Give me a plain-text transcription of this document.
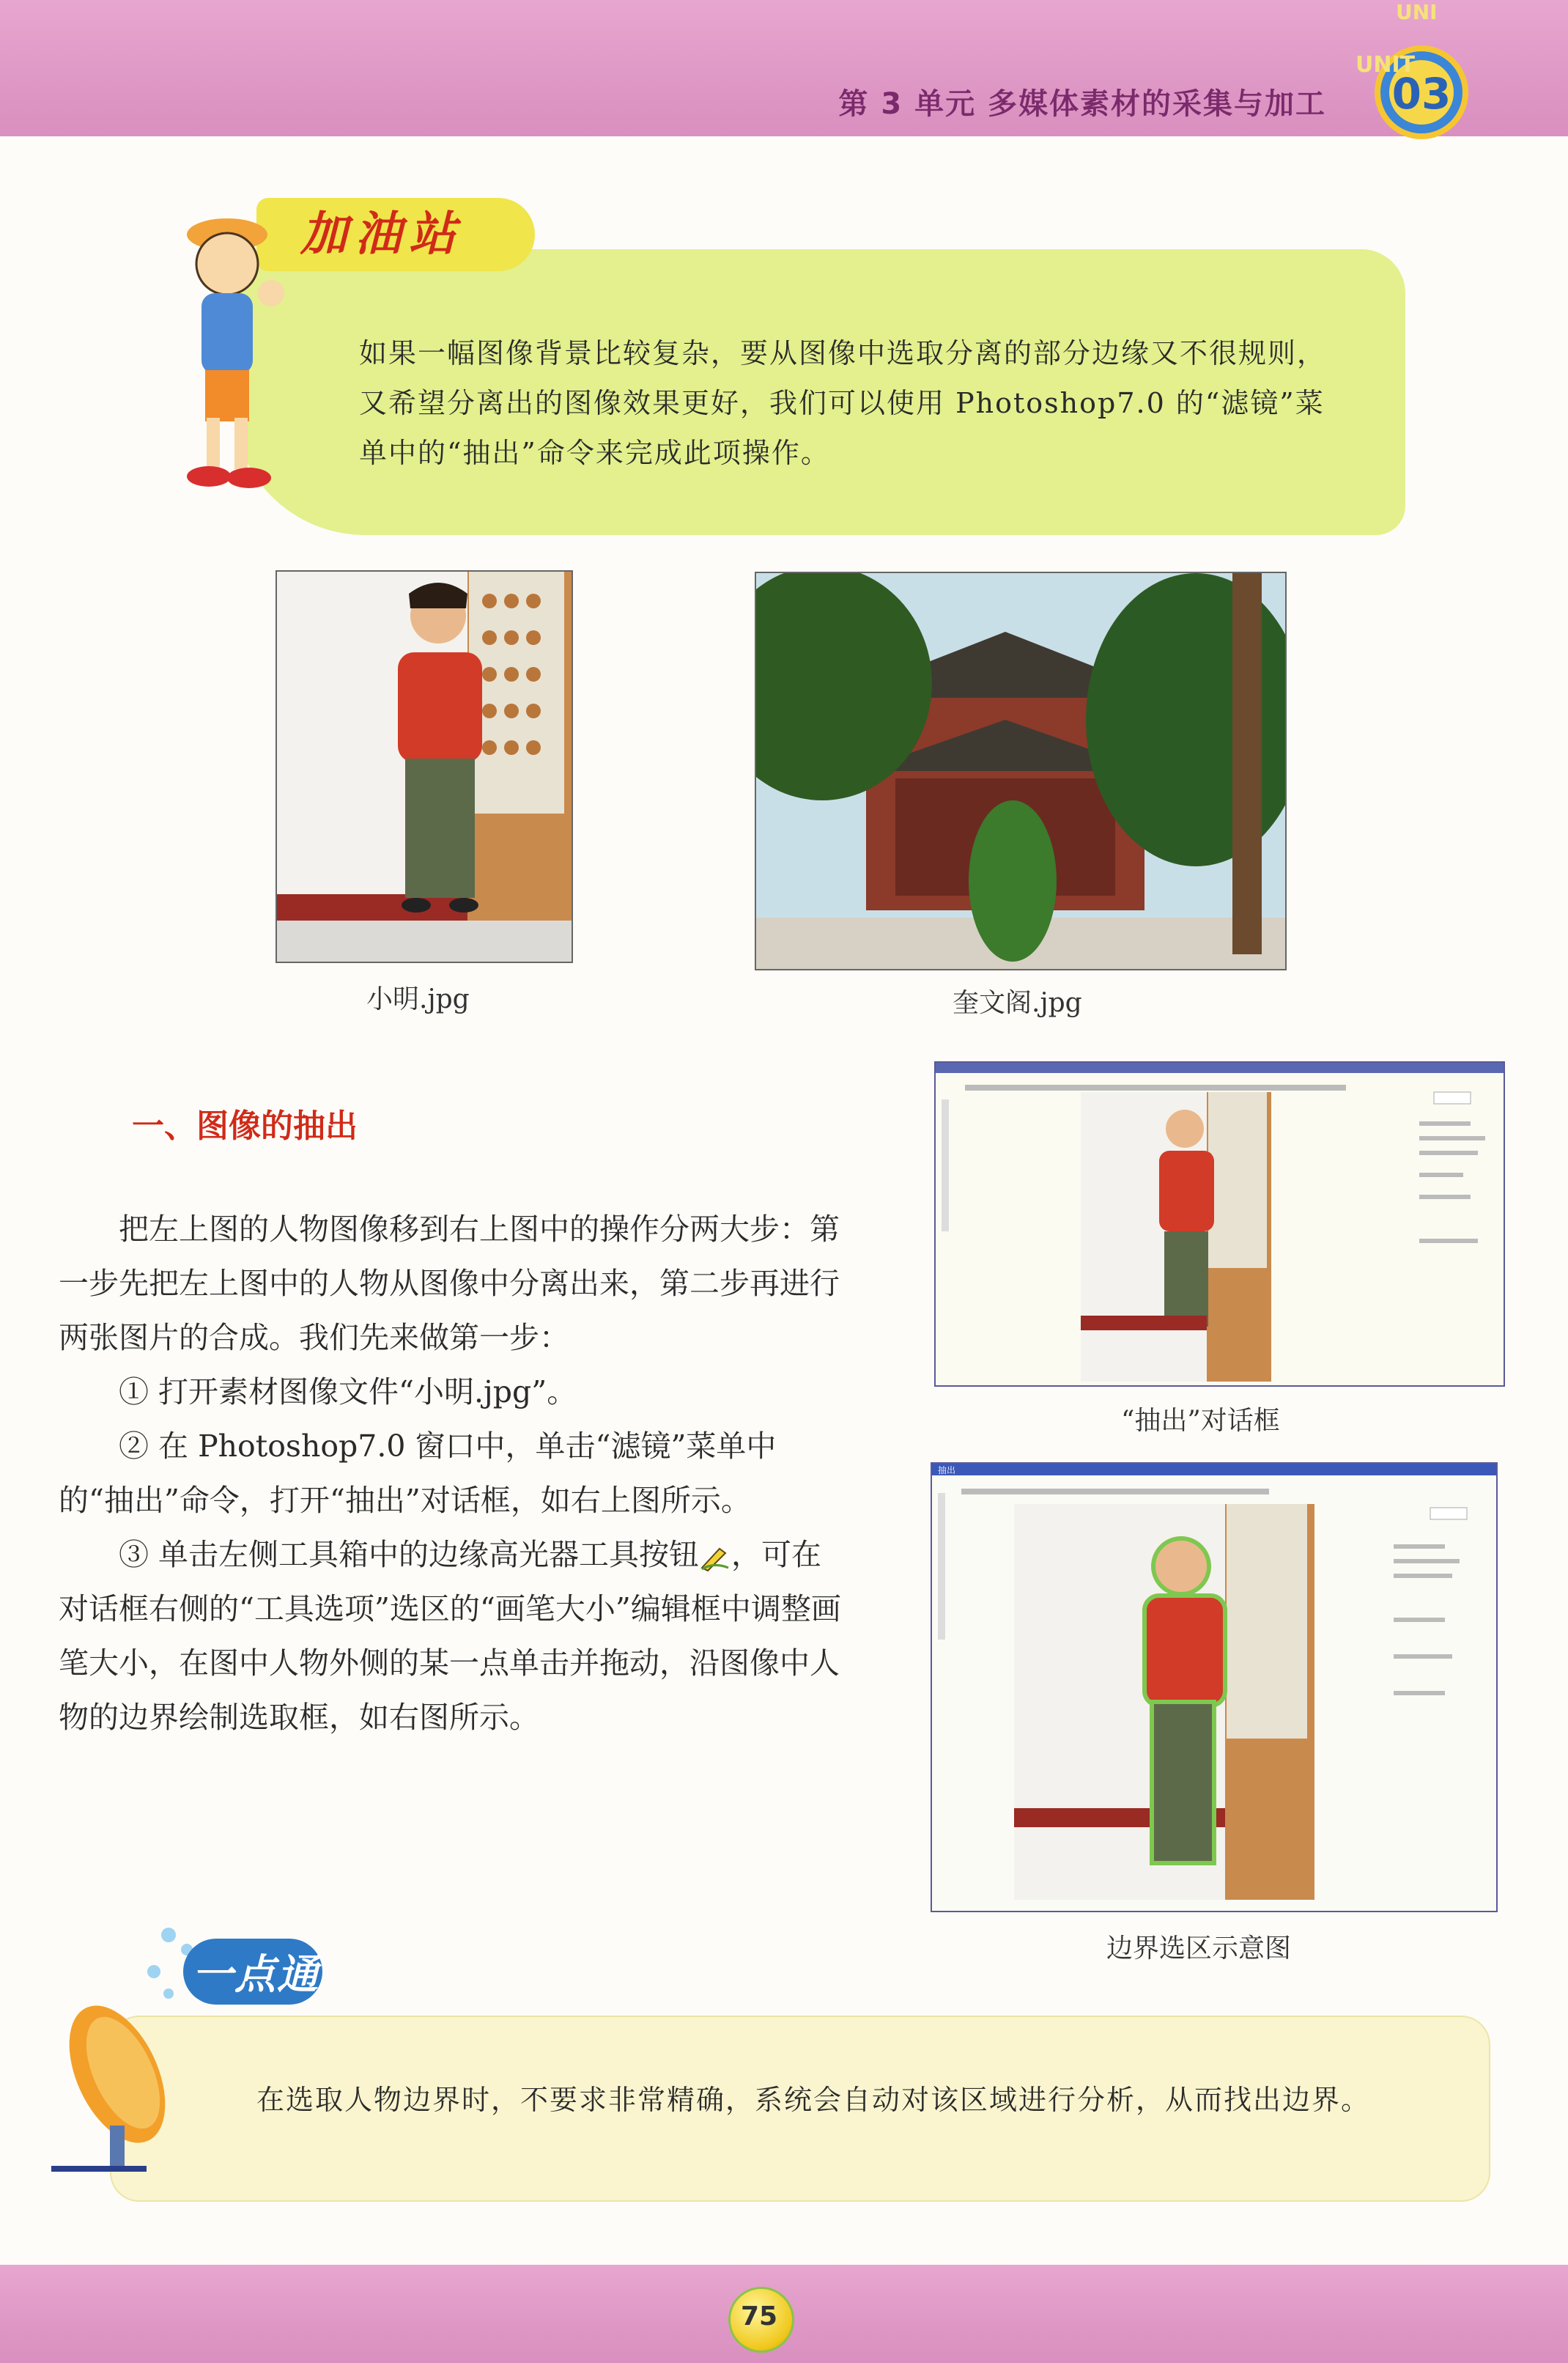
UNI
第 3 单元 多媒体素材的采集与加工
UNIT
03
加油站
如果一幅图像背景比较复杂，要从图像中选取分离的部分边缘又不很规则，又希望分离出的图像效果更好，我们可以使用 Photoshop7.0 的“滤镜”菜单中的“抽出”命令来完成此项操作。
小明.jpg	奎文阁.jpg
一、图像的抽出

把左上图的人物图像移到右上图中的操作分两大步：第一步先把左上图中的人物从图像中分离出来，第二步再进行两张图片的合成。我们先来做第一步：

① 打开素材图像文件“小明.jpg”。

② 在 Photoshop7.0 窗口中，单击“滤镜”菜单中的“抽出”命令，打开“抽出”对话框，如右上图所示。

③ 单击左侧工具箱中的边缘高光器工具按钮 ，可在对话框右侧的“工具选项”选区的“画笔大小”编辑框中调整画笔大小，在图中人物外侧的某一点单击并拖动，沿图像中人物的边界绘制选取框，如右图所示。

“抽出”对话框
抽出
边界选区示意图
一点通
在选取人物边界时，不要求非常精确，系统会自动对该区域进行分析，从而找出边界。
75
